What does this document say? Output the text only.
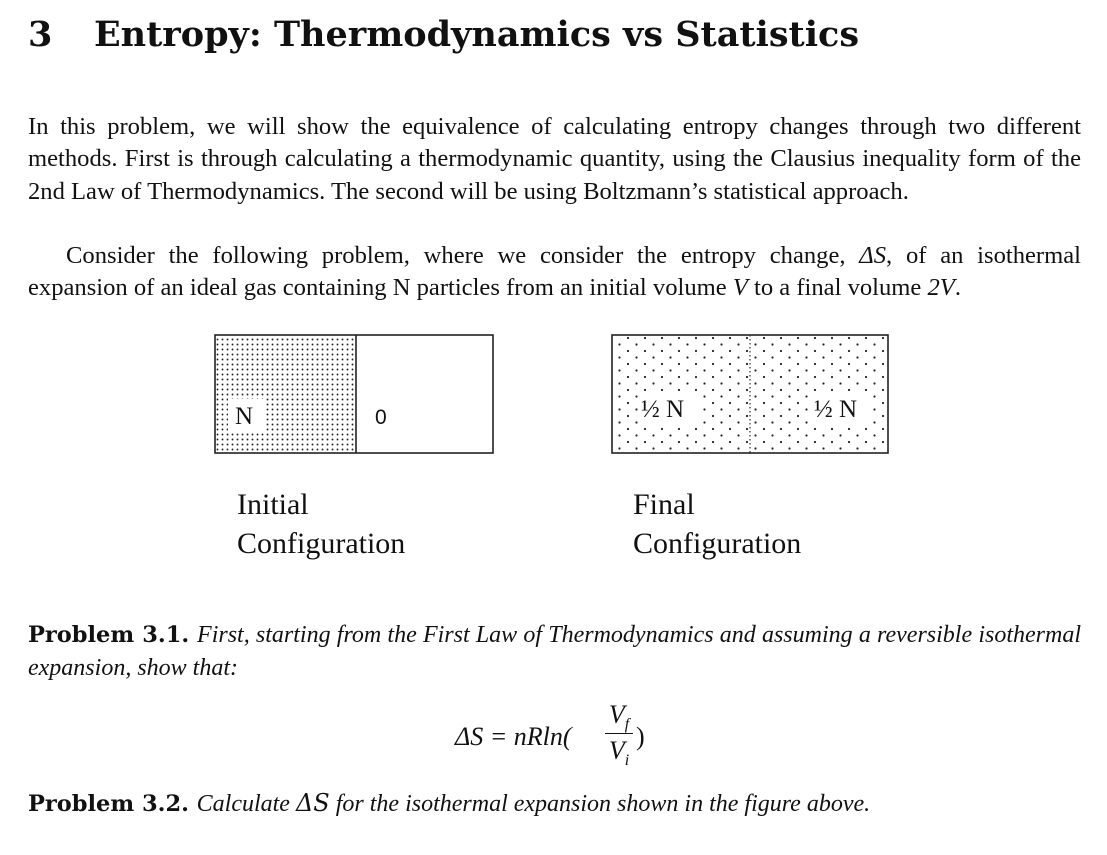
3 Entropy: Thermodynamics vs Statistics

In this problem, we will show the equivalence of calculating entropy changes through two different methods. First is through calculating a thermodynamic quantity, using the Clausius inequality form of the 2nd Law of Thermodynamics. The second will be using Boltzmann’s statistical approach.

Consider the following problem, where we consider the entropy change, ΔS, of an isothermal expansion of an ideal gas containing N particles from an initial volume V to a final volume 2V.

N	0	½ N	½ N
Initial
Configuration
Final
Configuration
Problem 3.1. First, starting from the First Law of Thermodynamics and assuming a reversible isothermal expansion, show that:
ΔS = nRln(
$V_f$
$V_i$
)
Problem 3.2. Calculate ΔS for the isothermal expansion shown in the figure above.
